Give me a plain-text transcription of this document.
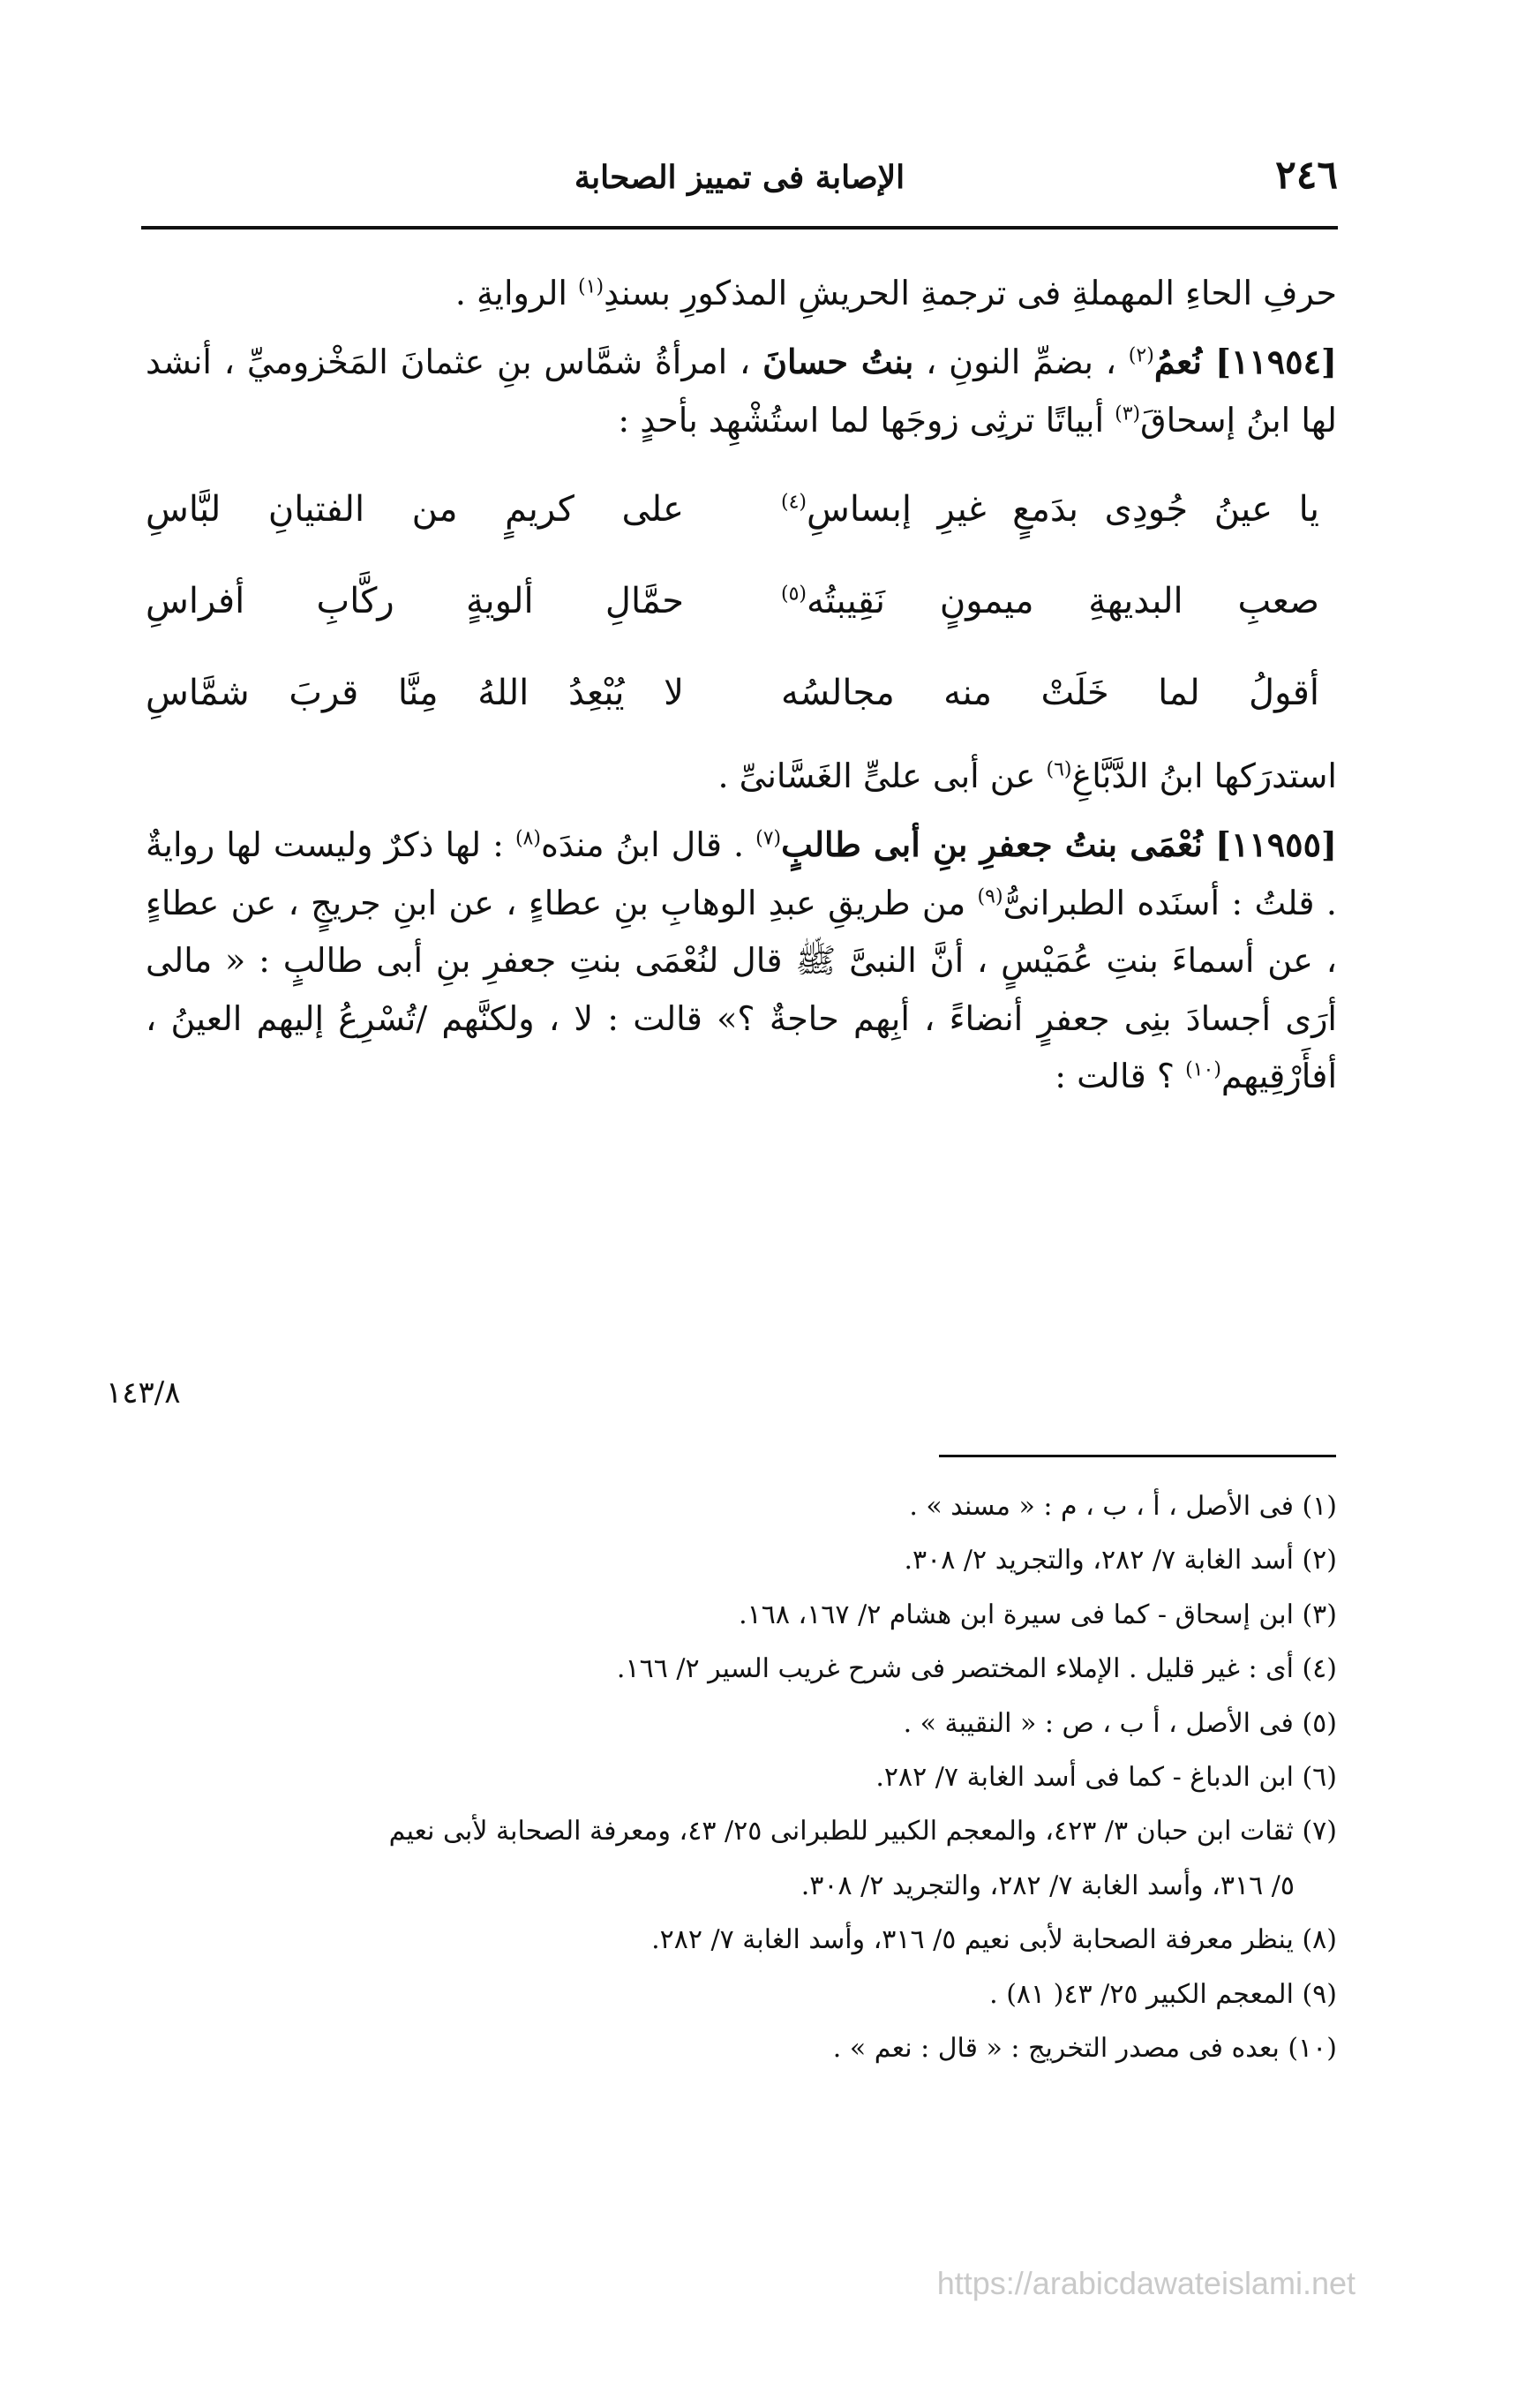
٢٤٦
الإصابة فى تمييز الصحابة

حرفِ الحاءِ المهملةِ فى ترجمةِ الحريشِ المذكورِ بسندِ$^{(١)}$ الروايةِ .

[١١٩٥٤] نُعمُ$^{(٢)}$ ، بضمِّ النونِ ، بنتُ حسانَ ، امرأةُ شمَّاس بنِ عثمانَ المَخْزوميِّ ، أنشد لها ابنُ إسحاقَ$^{(٣)}$ أبياتًا ترثِى زوجَها لما استُشْهِد بأحدٍ :

يا عينُ جُودِى بدَمعٍ غيرِ إبساسِ$^{(٤)}$
على كريمٍ من الفتيانِ لبَّاسِ
صعبِ البديهةِ ميمونٍ نَقِيبتُه$^{(٥)}$
حمَّالِ ألويةٍ ركَّابِ أفراسِ
أقولُ لما خَلَتْ منه مجالسُه
لا يُبْعِدُ اللهُ مِنَّا قربَ شمَّاسِ

استدرَكها ابنُ الدَّبَّاغِ$^{(٦)}$ عن أبى علىٍّ الغَسَّانىِّ .

[١١٩٥٥] نُعْمَى بنتُ جعفرِ بنِ أبى طالبٍ$^{(٧)}$ . قال ابنُ مندَه$^{(٨)}$ : لها ذكرٌ وليست لها روايةٌ . قلتُ : أسنَده الطبرانىُّ$^{(٩)}$ من طريقِ عبدِ الوهابِ بنِ عطاءٍ ، عن ابنِ جريجٍ ، عن عطاءٍ ، عن أسماءَ بنتِ عُمَيْسٍ ، أنَّ النبىَّ ﷺ قال لنُعْمَى بنتِ جعفرِ بنِ أبى طالبٍ : « مالى أرَى أجسادَ بنِى جعفرٍ أنضاءً ، أبِهم حاجةٌ ؟» قالت : لا ، ولكنَّهم /تُسْرِعُ إليهم العينُ ، أفأَرْقِيهم$^{(١٠)}$ ؟ قالت :

١٤٣/٨

(١) فى الأصل ، أ ، ب ، م : « مسند » .

(٢) أسد الغابة ٧/ ٢٨٢، والتجريد ٢/ ٣٠٨.

(٣) ابن إسحاق - كما فى سيرة ابن هشام ٢/ ١٦٧، ١٦٨.

(٤) أى : غير قليل . الإملاء المختصر فى شرح غريب السير ٢/ ١٦٦.

(٥) فى الأصل ، أ ب ، ص : « النقيبة » .

(٦) ابن الدباغ - كما فى أسد الغابة ٧/ ٢٨٢.

(٧) ثقات ابن حبان ٣/ ٤٢٣، والمعجم الكبير للطبرانى ٢٥/ ٤٣، ومعرفة الصحابة لأبى نعيم

٥/ ٣١٦، وأسد الغابة ٧/ ٢٨٢، والتجريد ٢/ ٣٠٨.

(٨) ينظر معرفة الصحابة لأبى نعيم ٥/ ٣١٦، وأسد الغابة ٧/ ٢٨٢.

(٩) المعجم الكبير ٢٥/ ٤٣( ٨١) .

(١٠) بعده فى مصدر التخريج : « قال : نعم » .

https://arabicdawateislami.net
